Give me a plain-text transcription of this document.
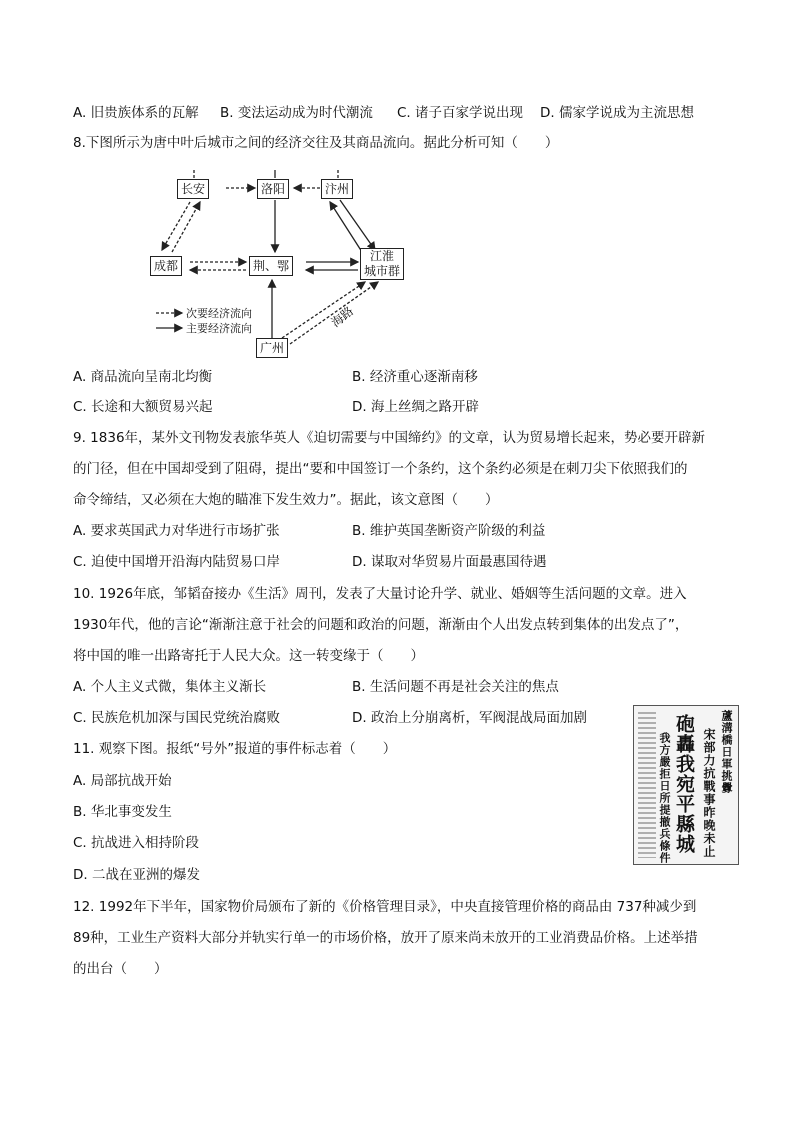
A. 旧贵族体系的瓦解 B. 变法运动成为时代潮流 C. 诸子百家学说出现 D. 儒家学说成为主流思想
8.下图所示为唐中叶后城市之间的经济交往及其商品流向。据此分析可知（　　）
长安	洛阳	汴州
成都	荆、鄂
江淮
城市群
广州
次要经济流向
主要经济流向	海路
A. 商品流向呈南北均衡	B. 经济重心逐渐南移
C. 长途和大额贸易兴起	D. 海上丝绸之路开辟
9. 1836年，某外文刊物发表旅华英人《迫切需要与中国缔约》的文章，认为贸易增长起来，势必要开辟新
的门径，但在中国却受到了阻碍，提出“要和中国签订一个条约，这个条约必须是在刺刀尖下依照我们的
命令缔结，又必须在大炮的瞄准下发生效力”。据此，该文意图（　　）
A. 要求英国武力对华进行市场扩张	B. 维护英国垄断资产阶级的利益
C. 迫使中国增开沿海内陆贸易口岸	D. 谋取对华贸易片面最惠国待遇
10. 1926年底，邹韬奋接办《生活》周刊，发表了大量讨论升学、就业、婚姻等生活问题的文章。进入
1930年代，他的言论“渐渐注意于社会的问题和政治的问题，渐渐由个人出发点转到集体的出发点了”，
将中国的唯一出路寄托于人民大众。这一转变缘于（　　）
A. 个人主义式微，集体主义渐长	B. 生活问题不再是社会关注的焦点
C. 民族危机加深与国民党统治腐败	D. 政治上分崩离析，军阀混战局面加剧
11. 观察下图。报纸“号外”报道的事件标志着（　　）
A. 局部抗战开始
B. 华北事变发生
C. 抗战进入相持阶段
D. 二战在亚洲的爆发
蘆溝橋日軍挑釁
宋部力抗戰事昨晚未止
砲轟我宛平縣城
我方嚴拒日所提撤兵條件
12. 1992年下半年，国家物价局颁布了新的《价格管理目录》，中央直接管理价格的商品由 737种减少到
89种，工业生产资料大部分并轨实行单一的市场价格，放开了原来尚未放开的工业消费品价格。上述举措
的出台（　　）
